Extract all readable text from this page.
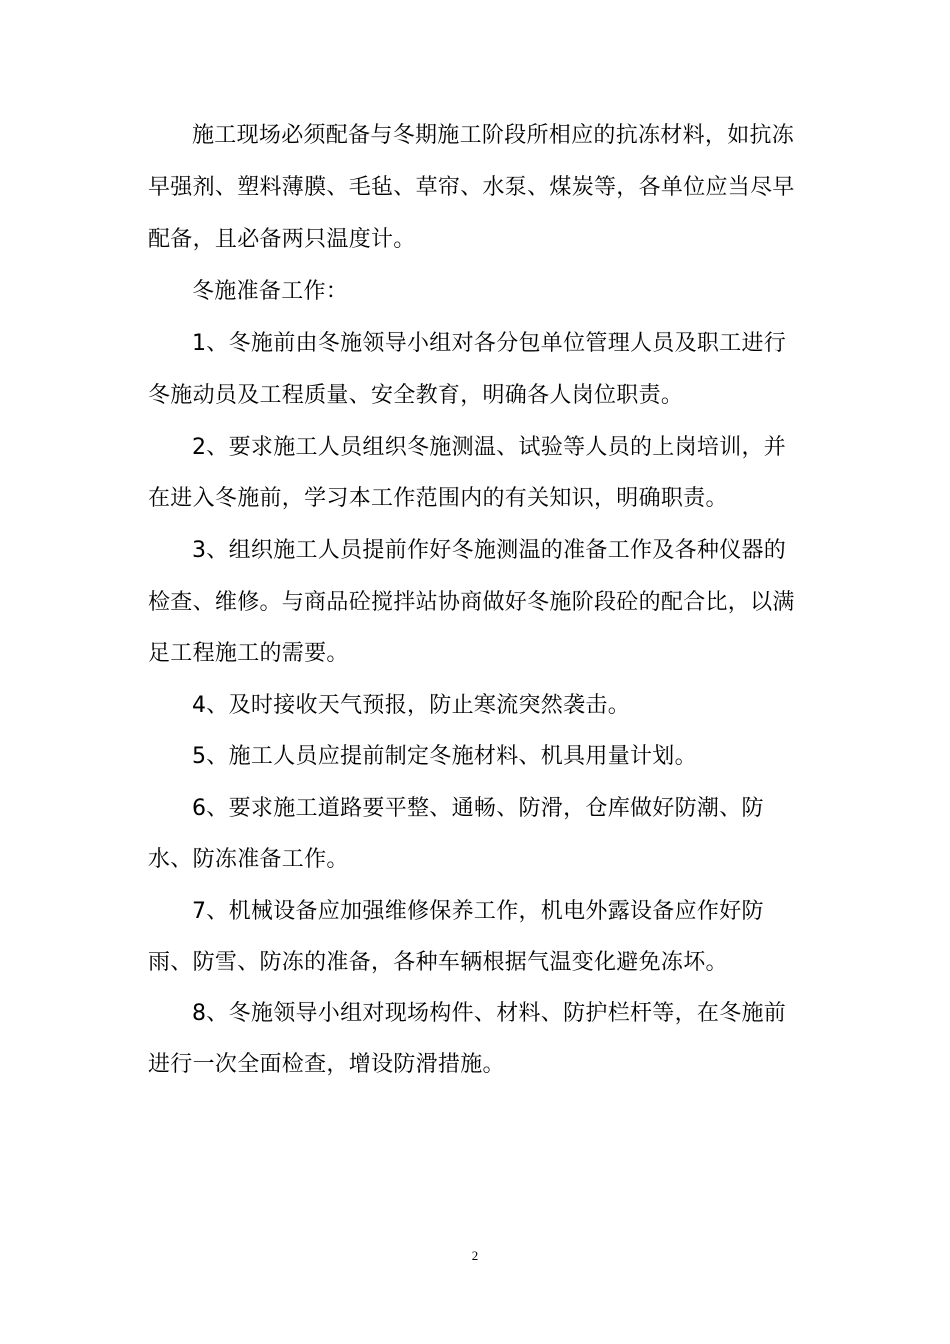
施工现场必须配备与冬期施工阶段所相应的抗冻材料，如抗冻
早强剂、塑料薄膜、毛毡、草帘、水泵、煤炭等，各单位应当尽早
配备，且必备两只温度计。
冬施准备工作：
1、冬施前由冬施领导小组对各分包单位管理人员及职工进行
冬施动员及工程质量、安全教育，明确各人岗位职责。
2、要求施工人员组织冬施测温、试验等人员的上岗培训，并
在进入冬施前，学习本工作范围内的有关知识，明确职责。
3、组织施工人员提前作好冬施测温的准备工作及各种仪器的
检查、维修。与商品砼搅拌站协商做好冬施阶段砼的配合比，以满
足工程施工的需要。
4、及时接收天气预报，防止寒流突然袭击。
5、施工人员应提前制定冬施材料、机具用量计划。
6、要求施工道路要平整、通畅、防滑，仓库做好防潮、防
水、防冻准备工作。
7、机械设备应加强维修保养工作，机电外露设备应作好防
雨、防雪、防冻的准备，各种车辆根据气温变化避免冻坏。
8、冬施领导小组对现场构件、材料、防护栏杆等，在冬施前
进行一次全面检查，增设防滑措施。
2
